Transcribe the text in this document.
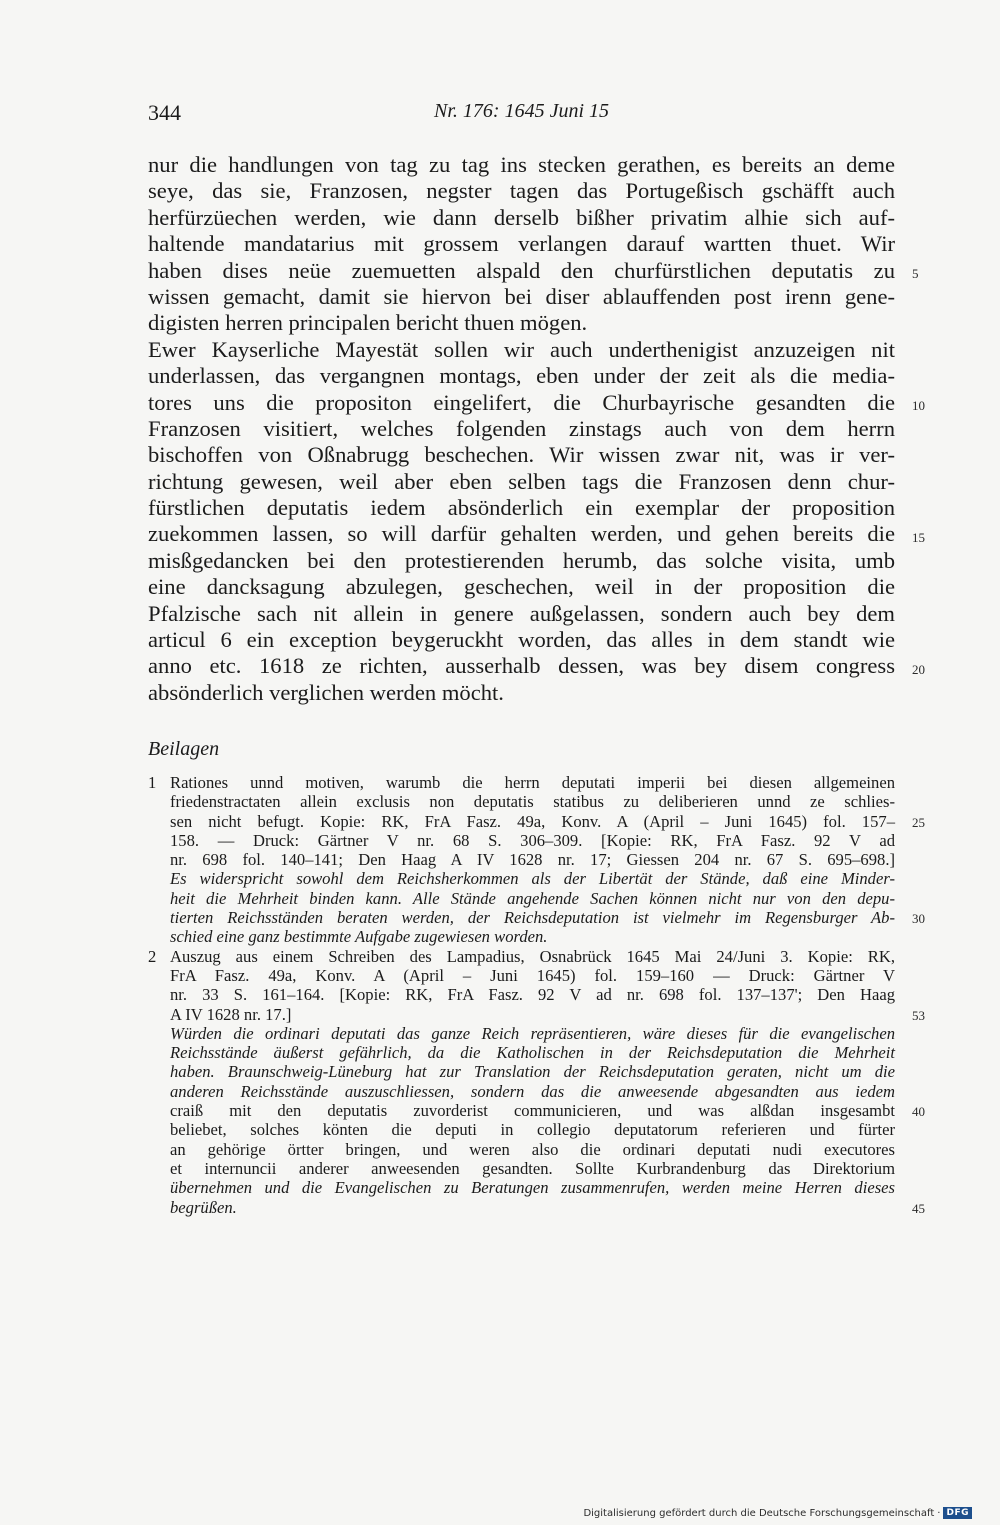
344	Nr. 176: 1645 Juni 15
nur die handlungen von tag zu tag ins stecken gerathen, es bereits an deme
seye, das sie, Franzosen, negster tagen das Portugeßisch gschäfft auch
herfürzüechen werden, wie dann derselb bißher privatim alhie sich auf-
haltende mandatarius mit grossem verlangen darauf wartten thuet. Wir
haben dises neüe zuemuetten alspald den churfürstlichen deputatis zu
wissen gemacht, damit sie hiervon bei diser ablauffenden post irenn gene-
digisten herren principalen bericht thuen mögen.
Ewer Kayserliche Mayestät sollen wir auch underthenigist anzuzeigen nit
underlassen, das vergangnen montags, eben under der zeit als die media-
tores uns die propositon eingelifert, die Churbayrische gesandten die
Franzosen visitiert, welches folgenden zinstags auch von dem herrn
bischoffen von Oßnabrugg beschechen. Wir wissen zwar nit, was ir ver-
richtung gewesen, weil aber eben selben tags die Franzosen denn chur-
fürstlichen deputatis iedem absönderlich ein exemplar der proposition
zuekommen lassen, so will darfür gehalten werden, und gehen bereits die
misßgedancken bei den protestierenden herumb, das solche visita, umb
eine dancksagung abzulegen, geschechen, weil in der proposition die
Pfalzische sach nit allein in genere außgelassen, sondern auch bey dem
articul 6 ein exception beygeruckht worden, das alles in dem standt wie
anno etc. 1618 ze richten, ausserhalb dessen, was bey disem congress
absönderlich verglichen werden möcht.
5
10
15
20
Beilagen
1 Rationes unnd motiven, warumb die herrn deputati imperii bei diesen allgemeinen
friedenstractaten allein exclusis non deputatis statibus zu deliberieren unnd ze schlies-
sen nicht befugt. Kopie: RK, FrA Fasz. 49a, Konv. A (April – Juni 1645) fol. 157–
158. — Druck: Gärtner V nr. 68 S. 306–309. [Kopie: RK, FrA Fasz. 92 V ad
nr. 698 fol. 140–141; Den Haag A IV 1628 nr. 17; Giessen 204 nr. 67 S. 695–698.]
Es widerspricht sowohl dem Reichsherkommen als der Libertät der Stände, daß eine Minder-
heit die Mehrheit binden kann. Alle Stände angehende Sachen können nicht nur von den depu-
tierten Reichsständen beraten werden, der Reichsdeputation ist vielmehr im Regensburger Ab-
schied eine ganz bestimmte Aufgabe zugewiesen worden.
2 Auszug aus einem Schreiben des Lampadius, Osnabrück 1645 Mai 24/Juni 3. Kopie: RK,
FrA Fasz. 49a, Konv. A (April – Juni 1645) fol. 159–160 — Druck: Gärtner V
nr. 33 S. 161–164. [Kopie: RK, FrA Fasz. 92 V ad nr. 698 fol. 137–137'; Den Haag
A IV 1628 nr. 17.]
Würden die ordinari deputati das ganze Reich repräsentieren, wäre dieses für die evangelischen
Reichsstände äußerst gefährlich, da die Katholischen in der Reichsdeputation die Mehrheit
haben. Braunschweig-Lüneburg hat zur Translation der Reichsdeputation geraten, nicht um die
anderen Reichsstände auszuschliessen, sondern das die anweesende abgesandten aus iedem
craiß mit den deputatis zuvorderist communicieren, und was alßdan insgesambt
beliebet, solches könten die deputi in collegio deputatorum referieren und fürter
an gehörige örtter bringen, und weren also die ordinari deputati nudi executores
et internuncii anderer anweesenden gesandten. Sollte Kurbrandenburg das Direktorium
übernehmen und die Evangelischen zu Beratungen zusammenrufen, werden meine Herren dieses
begrüßen.
25
30
53
40
45
Digitalisierung gefördert durch die Deutsche Forschungsgemeinschaft · DFG
